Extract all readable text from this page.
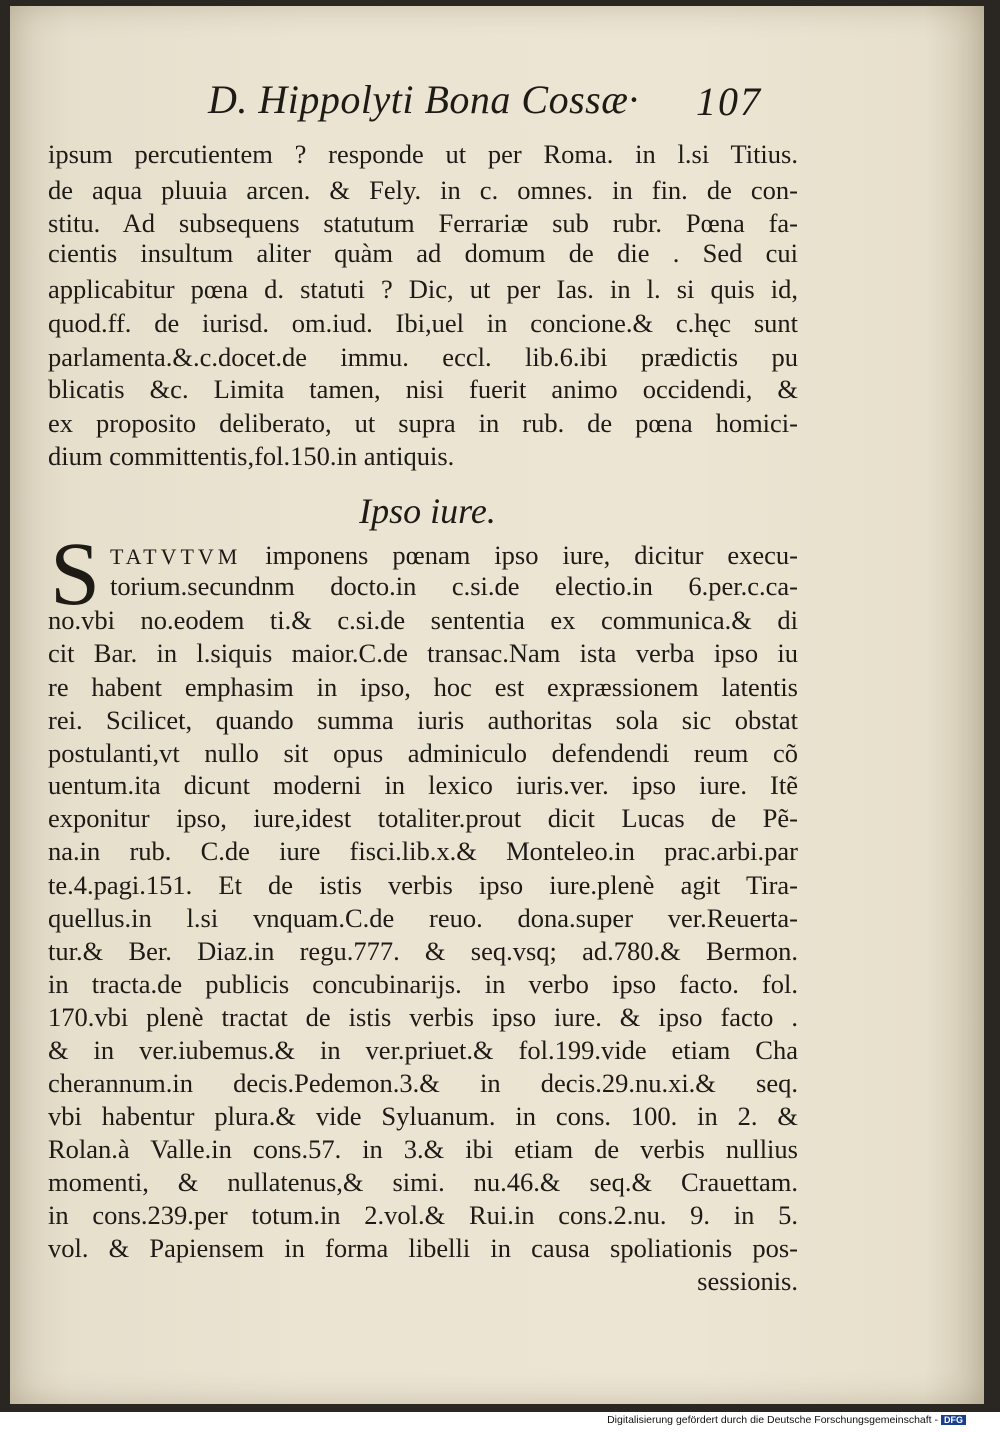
D. Hippolyti Bona Cossæ· 107
ipsum percutientem ? responde ut per Roma. in l.si Titius.
de aqua pluuia arcen. & Fely. in c. omnes. in fin. de con-
stitu. Ad subsequens statutum Ferrariæ sub rubr. Pœna fa-
cientis insultum aliter quàm ad domum de die . Sed cui
applicabitur pœna d. statuti ? Dic, ut per Ias. in l. si quis id,
quod.ff. de iurisd. om.iud. Ibi,uel in concione.& c.hęc sunt
parlamenta.&.c.docet.de immu. eccl. lib.6.ibi prædictis pu
blicatis &c. Limita tamen, nisi fuerit animo occidendi, &
ex proposito deliberato, ut supra in rub. de pœna homici-
dium committentis,fol.150.in antiquis.
Ipso iure.
S TATVTVM imponens pœnam ipso iure, dicitur execu-
torium.secundnm docto.in c.si.de electio.in 6.per.c.ca-
no.vbi no.eodem ti.& c.si.de sententia ex communica.& di
cit Bar. in l.siquis maior.C.de transac.Nam ista verba ipso iu
re habent emphasim in ipso, hoc est expræssionem latentis
rei. Scilicet, quando summa iuris authoritas sola sic obstat
postulanti,vt nullo sit opus adminiculo defendendi reum cõ
uentum.ita dicunt moderni in lexico iuris.ver. ipso iure. Itẽ
exponitur ipso, iure,idest totaliter.prout dicit Lucas de Pẽ-
na.in rub. C.de iure fisci.lib.x.& Monteleo.in prac.arbi.par
te.4.pagi.151. Et de istis verbis ipso iure.plenè agit Tira-
quellus.in l.si vnquam.C.de reuo. dona.super ver.Reuerta-
tur.& Ber. Diaz.in regu.777. & seq.vsq; ad.780.& Bermon.
in tracta.de publicis concubinarijs. in verbo ipso facto. fol.
170.vbi plenè tractat de istis verbis ipso iure. & ipso facto .
& in ver.iubemus.& in ver.priuet.& fol.199.vide etiam Cha
cherannum.in decis.Pedemon.3.& in decis.29.nu.xi.& seq.
vbi habentur plura.& vide Syluanum. in cons. 100. in 2. &
Rolan.à Valle.in cons.57. in 3.& ibi etiam de verbis nullius
momenti, & nullatenus,& simi. nu.46.& seq.& Crauettam.
in cons.239.per totum.in 2.vol.& Rui.in cons.2.nu. 9. in 5.
vol. & Papiensem in forma libelli in causa spoliationis pos-
sessionis.
Digitalisierung gefördert durch die Deutsche Forschungsgemeinschaft - DFG
